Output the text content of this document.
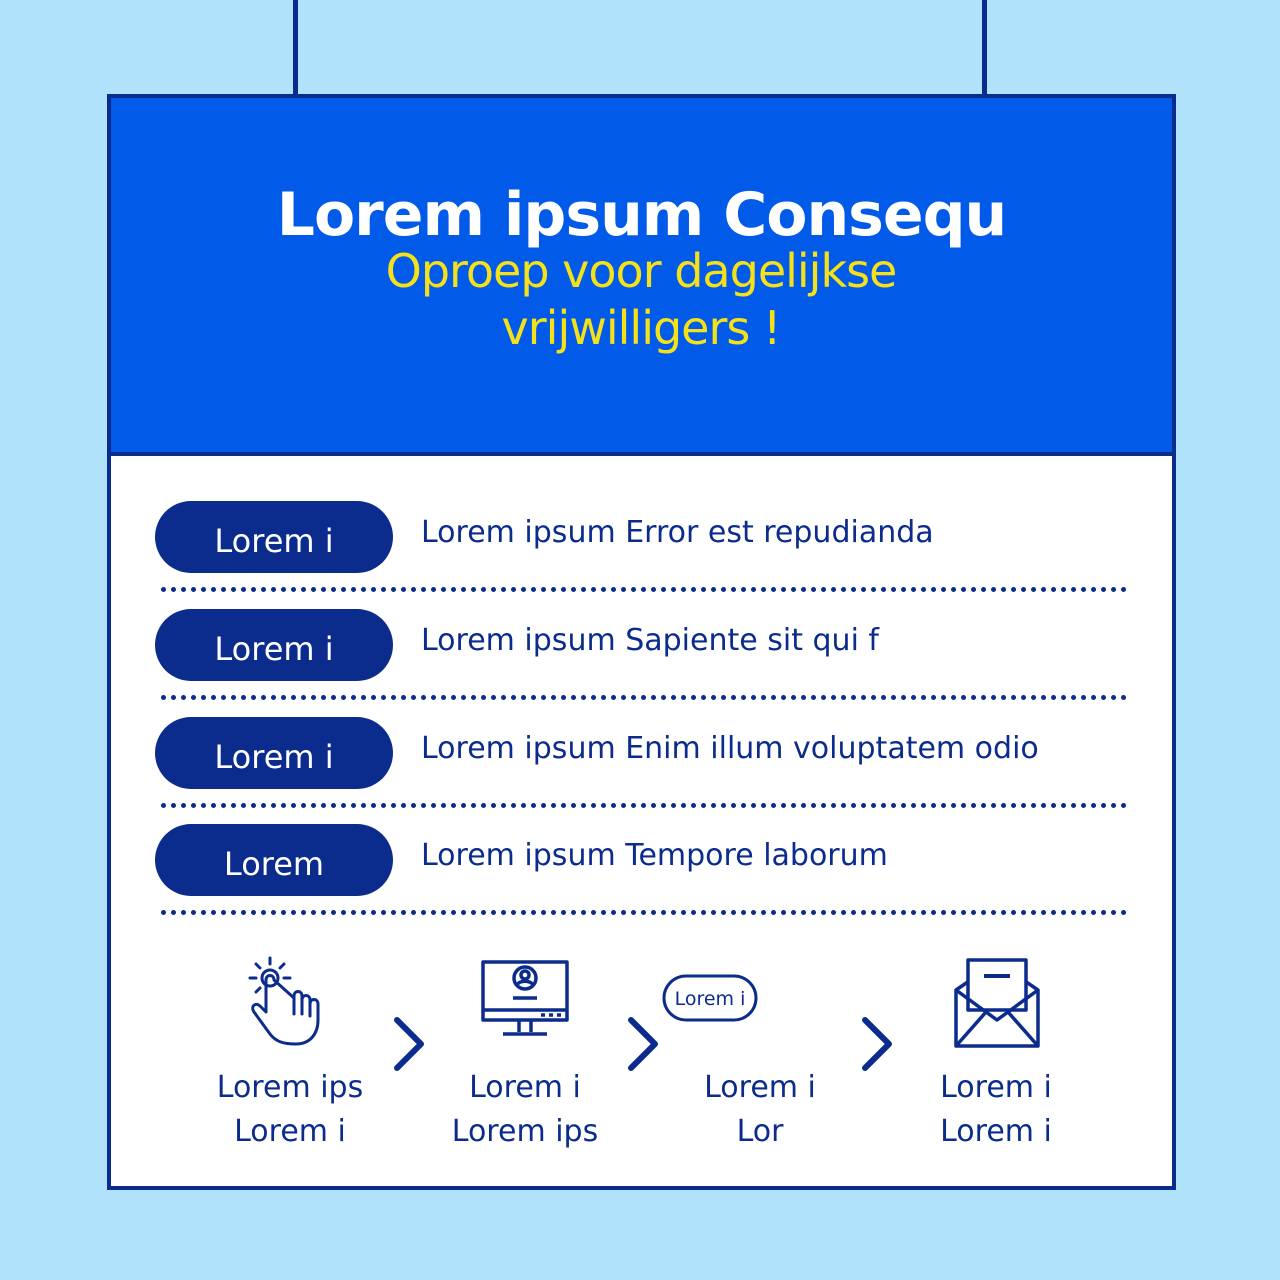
Lorem ipsum Consequ
Oproep voor dagelijkse vrijwilligers !
Lorem i	Lorem ipsum Error est repudianda
Lorem i	Lorem ipsum Sapiente sit qui f
Lorem i	Lorem ipsum Enim illum voluptatem odio
Lorem	Lorem ipsum Tempore laborum
Lorem ips
Lorem i
Lorem i
Lorem ips
Lorem i
Lorem i
Lor
Lorem i
Lorem i
